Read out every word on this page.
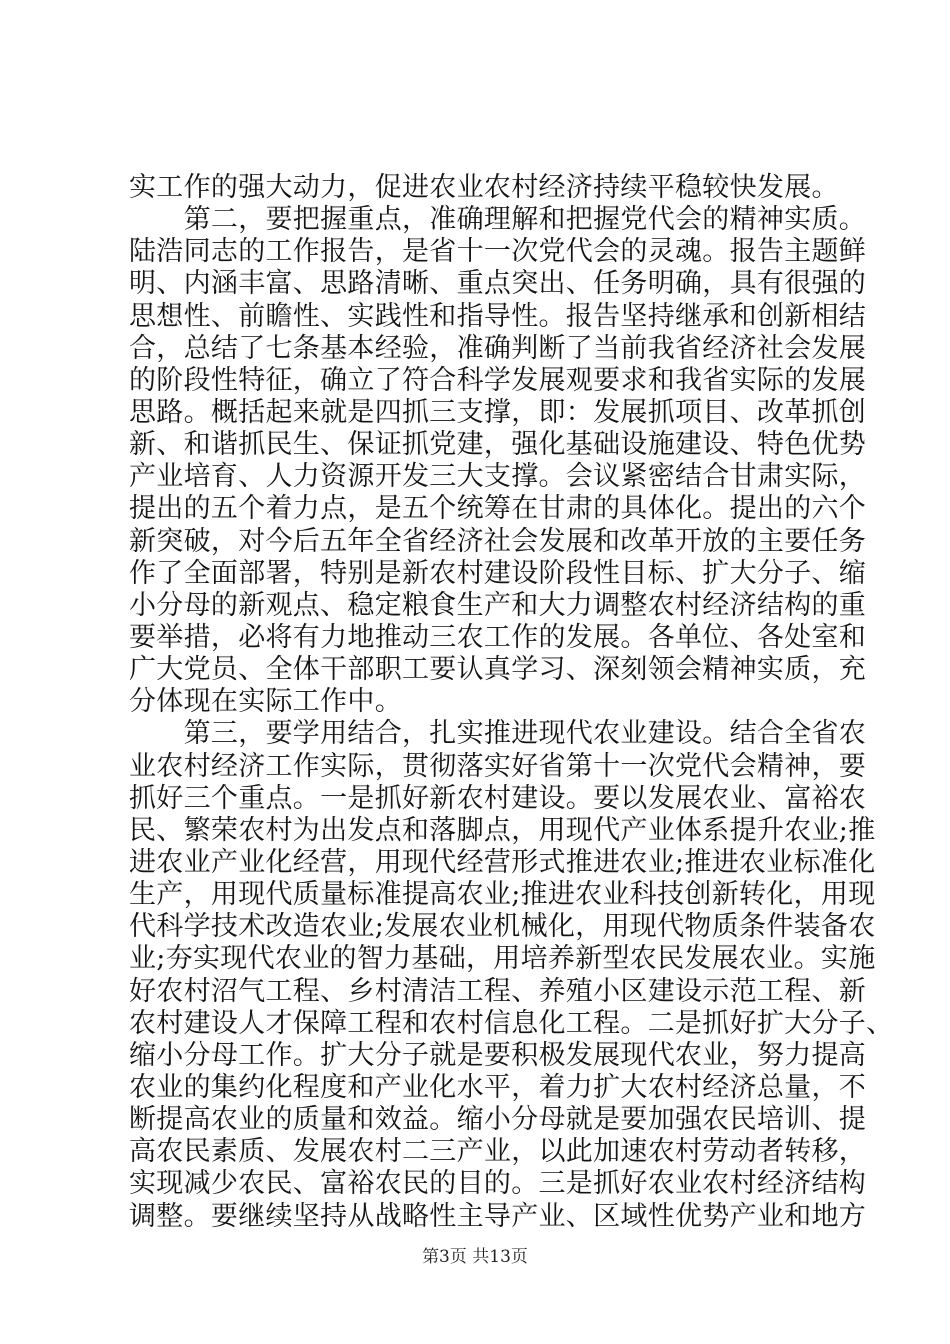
实工作的强大动力，促进农业农村经济持续平稳较快发展。
　　第二，要把握重点，准确理解和把握党代会的精神实质。
陆浩同志的工作报告，是省十一次党代会的灵魂。报告主题鲜
明、内涵丰富、思路清晰、重点突出、任务明确，具有很强的
思想性、前瞻性、实践性和指导性。报告坚持继承和创新相结
合，总结了七条基本经验，准确判断了当前我省经济社会发展
的阶段性特征，确立了符合科学发展观要求和我省实际的发展
思路。概括起来就是四抓三支撑，即：发展抓项目、改革抓创
新、和谐抓民生、保证抓党建，强化基础设施建设、特色优势
产业培育、人力资源开发三大支撑。会议紧密结合甘肃实际，
提出的五个着力点，是五个统筹在甘肃的具体化。提出的六个
新突破，对今后五年全省经济社会发展和改革开放的主要任务
作了全面部署，特别是新农村建设阶段性目标、扩大分子、缩
小分母的新观点、稳定粮食生产和大力调整农村经济结构的重
要举措，必将有力地推动三农工作的发展。各单位、各处室和
广大党员、全体干部职工要认真学习、深刻领会精神实质，充
分体现在实际工作中。
　　第三，要学用结合，扎实推进现代农业建设。结合全省农
业农村经济工作实际，贯彻落实好省第十一次党代会精神，要
抓好三个重点。一是抓好新农村建设。要以发展农业、富裕农
民、繁荣农村为出发点和落脚点，用现代产业体系提升农业;推
进农业产业化经营，用现代经营形式推进农业;推进农业标准化
生产，用现代质量标准提高农业;推进农业科技创新转化，用现
代科学技术改造农业;发展农业机械化，用现代物质条件装备农
业;夯实现代农业的智力基础，用培养新型农民发展农业。实施
好农村沼气工程、乡村清洁工程、养殖小区建设示范工程、新
农村建设人才保障工程和农村信息化工程。二是抓好扩大分子、
缩小分母工作。扩大分子就是要积极发展现代农业，努力提高
农业的集约化程度和产业化水平，着力扩大农村经济总量，不
断提高农业的质量和效益。缩小分母就是要加强农民培训、提
高农民素质、发展农村二三产业，以此加速农村劳动者转移，
实现减少农民、富裕农民的目的。三是抓好农业农村经济结构
调整。要继续坚持从战略性主导产业、区域性优势产业和地方
第3页 共13页
